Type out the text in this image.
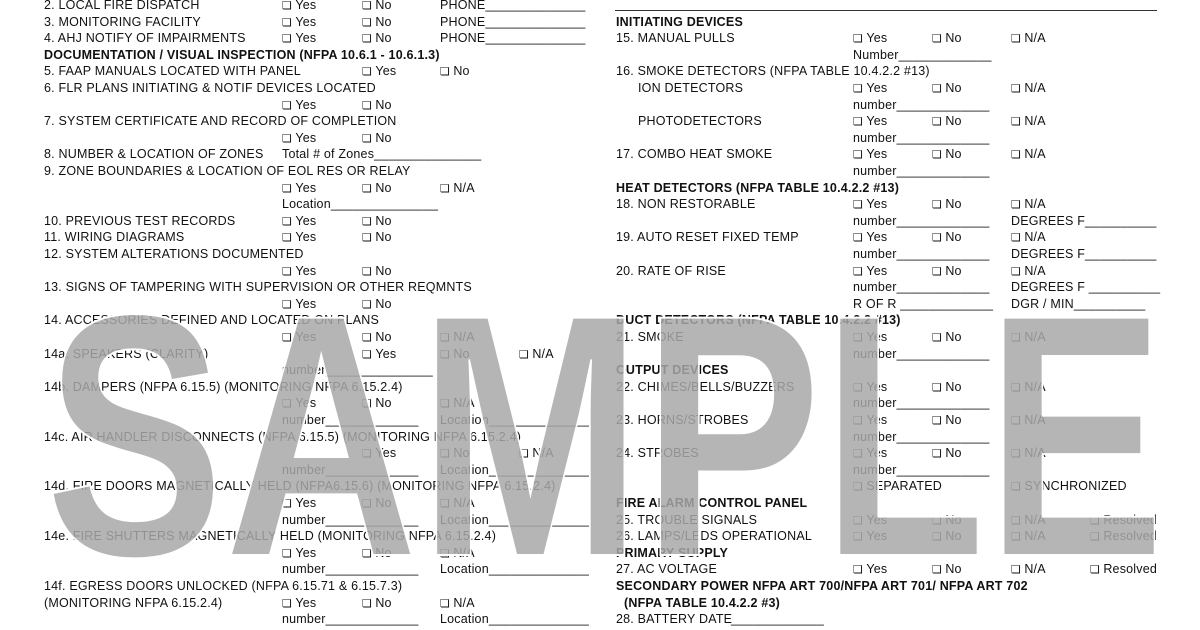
2. LOCAL FIRE DISPATCH	❏ Yes	❏ No	PHONE______________
3. MONITORING FACILITY	❏ Yes	❏ No	PHONE______________
4. AHJ NOTIFY OF IMPAIRMENTS	❏ Yes	❏ No	PHONE______________
DOCUMENTATION / VISUAL INSPECTION (NFPA 10.6.1 - 10.6.1.3)
5. FAAP MANUALS LOCATED WITH PANEL	❏ Yes	❏ No
6. FLR PLANS INITIATING & NOTIF DEVICES LOCATED
❏ Yes	❏ No
7. SYSTEM CERTIFICATE AND RECORD OF COMPLETION
❏ Yes	❏ No
8. NUMBER & LOCATION OF ZONES Total # of Zones_______________
9. ZONE BOUNDARIES & LOCATION OF EOL RES OR RELAY
❏ Yes	❏ No	❏ N/A
Location_______________
10. PREVIOUS TEST RECORDS	❏ Yes	❏ No
11. WIRING DIAGRAMS	❏ Yes	❏ No
12. SYSTEM ALTERATIONS DOCUMENTED
❏ Yes	❏ No
13. SIGNS OF TAMPERING WITH SUPERVISION OR OTHER REQMNTS
❏ Yes	❏ No
14. ACCESSORIES DEFINED AND LOCATED ON PLANS
❏ Yes	❏ No	❏ N/A
14a. SPEAKERS (CLARITY)	❏ Yes	❏ No	❏ N/A
number_______________
14b. DAMPERS (NFPA 6.15.5) (MONITORING NFPA 6.15.2.4)
❏ Yes	❏ No	❏ N/A
number_____________ Location______________
14c. AIR HANDLER DISCONNECTS (NFPA 6.15.5) (MONITORING NFPA 6.15.2.4)
❏ Yes	❏ No	❏ N/A
number_____________ Location______________
14d. FIRE DOORS MAGNETICALLY HELD (NFPA6.15.6) (MONITORING NFPA 6.15.2.4)
❏ Yes	❏ No	❏ N/A
number_____________ Location______________
14e. FIRE SHUTTERS MAGNETICALLY HELD (MONITORING NFPA 6.15.2.4)
❏ Yes	❏ No	❏ N/A
number_____________ Location______________
14f. EGRESS DOORS UNLOCKED (NFPA 6.15.71 & 6.15.7.3)
(MONITORING NFPA 6.15.2.4)	❏ Yes	❏ No	❏ N/A
number_____________ Location______________
INITIATING DEVICES
15. MANUAL PULLS	❏ Yes	❏ No	❏ N/A
Number_____________
16. SMOKE DETECTORS (NFPA TABLE 10.4.2.2 #13)
ION DETECTORS	❏ Yes	❏ No	❏ N/A
number_____________
PHOTODETECTORS	❏ Yes	❏ No	❏ N/A
number_____________
17. COMBO HEAT SMOKE	❏ Yes	❏ No	❏ N/A
number_____________
HEAT DETECTORS (NFPA TABLE 10.4.2.2 #13)
18. NON RESTORABLE	❏ Yes	❏ No	❏ N/A
number_____________ DEGREES F__________
19. AUTO RESET FIXED TEMP	❏ Yes	❏ No	❏ N/A
number_____________ DEGREES F__________
20. RATE OF RISE	❏ Yes	❏ No	❏ N/A
number_____________ DEGREES F __________
R OF R _____________ DGR / MIN__________
DUCT DETECTORS (NFPA TABLE 10.4.2.2 #13)
21. SMOKE	❏ Yes	❏ No	❏ N/A
number_____________
OUTPUT DEVICES
22. CHIMES/BELLS/BUZZERS	❏ Yes	❏ No	❏ N/A
number_____________
23. HORNS/STROBES	❏ Yes	❏ No	❏ N/A
number_____________
24. STROBES	❏ Yes	❏ No	❏ N/A
number_____________
❏ SEPARATED	❏ SYNCHRONIZED
FIRE ALARM CONTROL PANEL
25. TROUBLE SIGNALS	❏ Yes	❏ No	❏ N/A	❏ Resolved
26. LAMPS/LEDS OPERATIONAL	❏ Yes	❏ No	❏ N/A	❏ Resolved
PRIMARY SUPPLY
27. AC VOLTAGE	❏ Yes	❏ No	❏ N/A	❏ Resolved
SECONDARY POWER NFPA ART 700/NFPA ART 701/ NFPA ART 702
(NFPA TABLE 10.4.2.2 #3)
28. BATTERY DATE
_____________
SAMPLE
